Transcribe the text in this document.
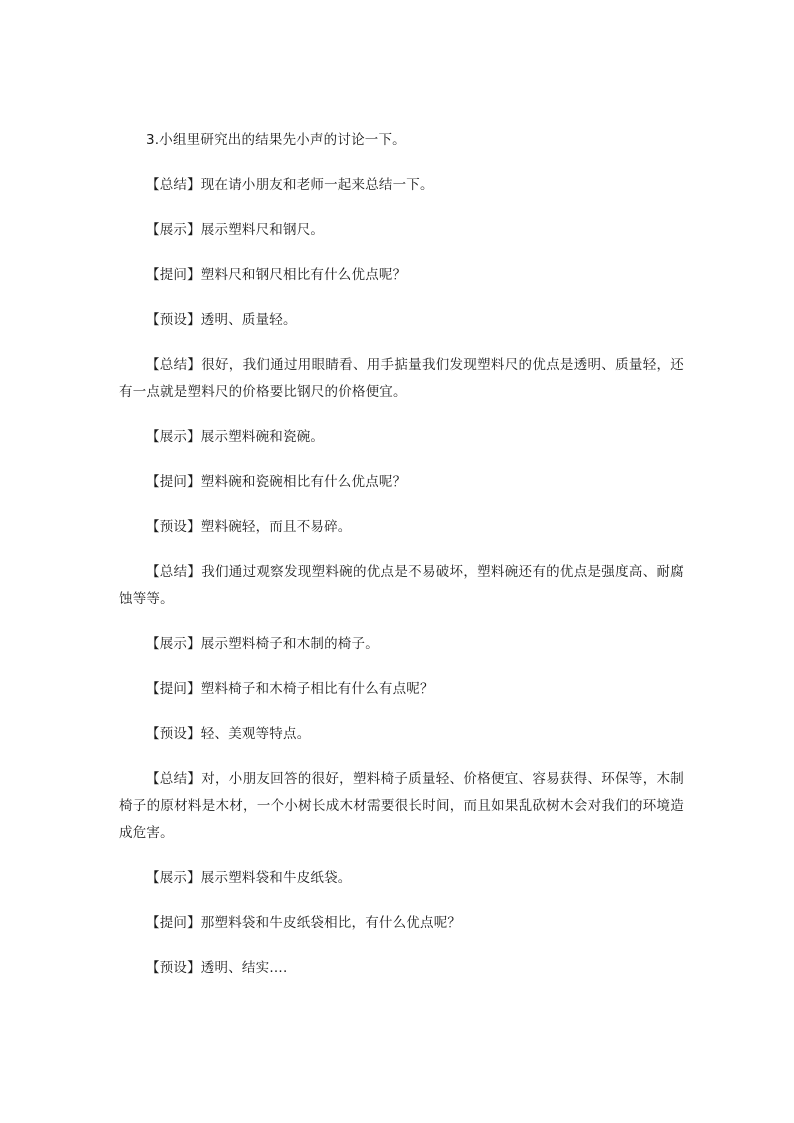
3.小组里研究出的结果先小声的讨论一下。

【总结】现在请小朋友和老师一起来总结一下。

【展示】展示塑料尺和钢尺。

【提问】塑料尺和钢尺相比有什么优点呢？

【预设】透明、质量轻。

【总结】很好，我们通过用眼睛看、用手掂量我们发现塑料尺的优点是透明、质量轻，还有一点就是塑料尺的价格要比钢尺的价格便宜。

【展示】展示塑料碗和瓷碗。

【提问】塑料碗和瓷碗相比有什么优点呢？

【预设】塑料碗轻，而且不易碎。

【总结】我们通过观察发现塑料碗的优点是不易破坏，塑料碗还有的优点是强度高、耐腐蚀等等。

【展示】展示塑料椅子和木制的椅子。

【提问】塑料椅子和木椅子相比有什么有点呢？

【预设】轻、美观等特点。

【总结】对，小朋友回答的很好，塑料椅子质量轻、价格便宜、容易获得、环保等，木制椅子的原材料是木材，一个小树长成木材需要很长时间，而且如果乱砍树木会对我们的环境造成危害。

【展示】展示塑料袋和牛皮纸袋。

【提问】那塑料袋和牛皮纸袋相比，有什么优点呢？

【预设】透明、结实….
